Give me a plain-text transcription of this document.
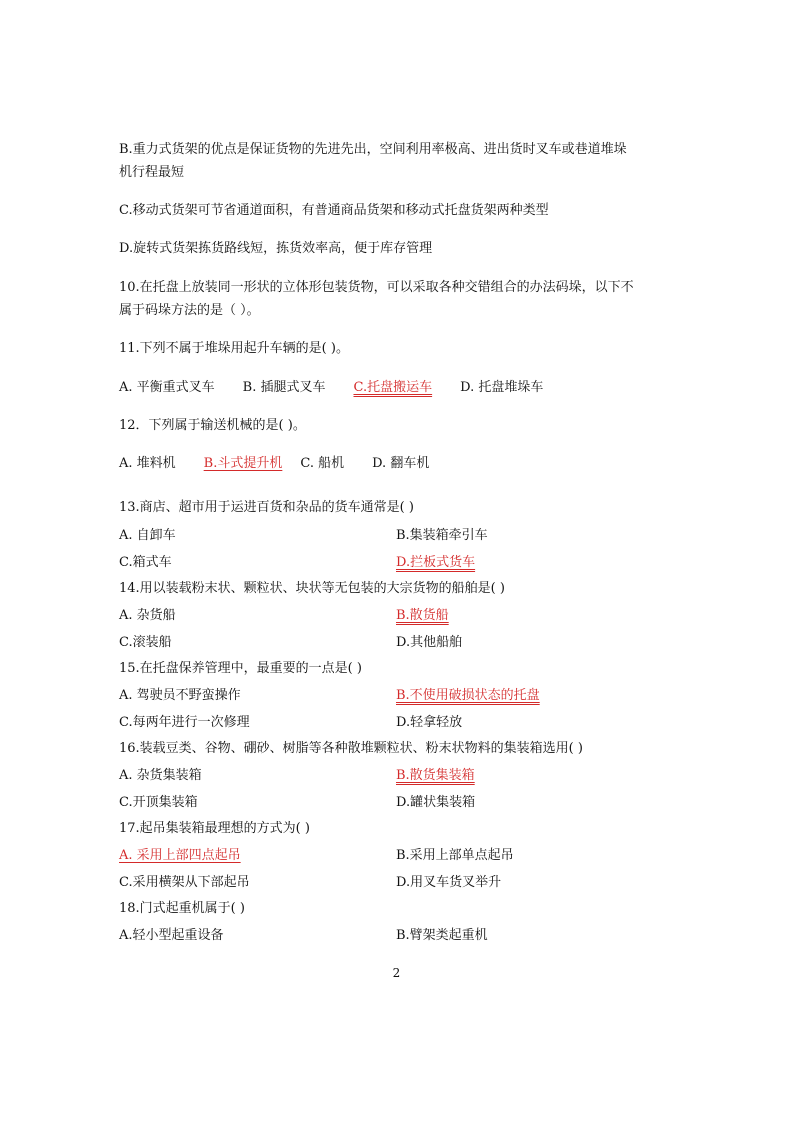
B.重力式货架的优点是保证货物的先进先出，空间利用率极高、进出货时叉车或巷道堆垛
机行程最短
C.移动式货架可节省通道面积，有普通商品货架和移动式托盘货架两种类型
D.旋转式货架拣货路线短，拣货效率高，便于库存管理
10.在托盘上放装同一形状的立体形包装货物，可以采取各种交错组合的办法码垛，以下不
属于码垛方法的是（ ）。
11.下列不属于堆垛用起升车辆的是( )。
A. 平衡重式叉车 B. 插腿式叉车 C.托盘搬运车 D. 托盘堆垛车
12．下列属于输送机械的是( )。
A. 堆料机 B.斗式提升机 C. 船机 D. 翻车机
13.商店、超市用于运进百货和杂品的货车通常是( )
A. 自卸车	B.集装箱牵引车
C.箱式车	D.拦板式货车
14.用以装载粉末状、颗粒状、块状等无包装的大宗货物的船舶是( )
A. 杂货船	B.散货船
C.滚装船	D.其他船舶
15.在托盘保养管理中，最重要的一点是( )
A. 驾驶员不野蛮操作	B.不使用破损状态的托盘
C.每两年进行一次修理	D.轻拿轻放
16.装载豆类、谷物、硼砂、树脂等各种散堆颗粒状、粉末状物料的集装箱选用( )
A. 杂货集装箱	B.散货集装箱
C.开顶集装箱	D.罐状集装箱
17.起吊集装箱最理想的方式为( )
A. 采用上部四点起吊	B.采用上部单点起吊
C.采用横架从下部起吊	D.用叉车货叉举升
18.门式起重机属于( )
A.轻小型起重设备	B.臂架类起重机
2
